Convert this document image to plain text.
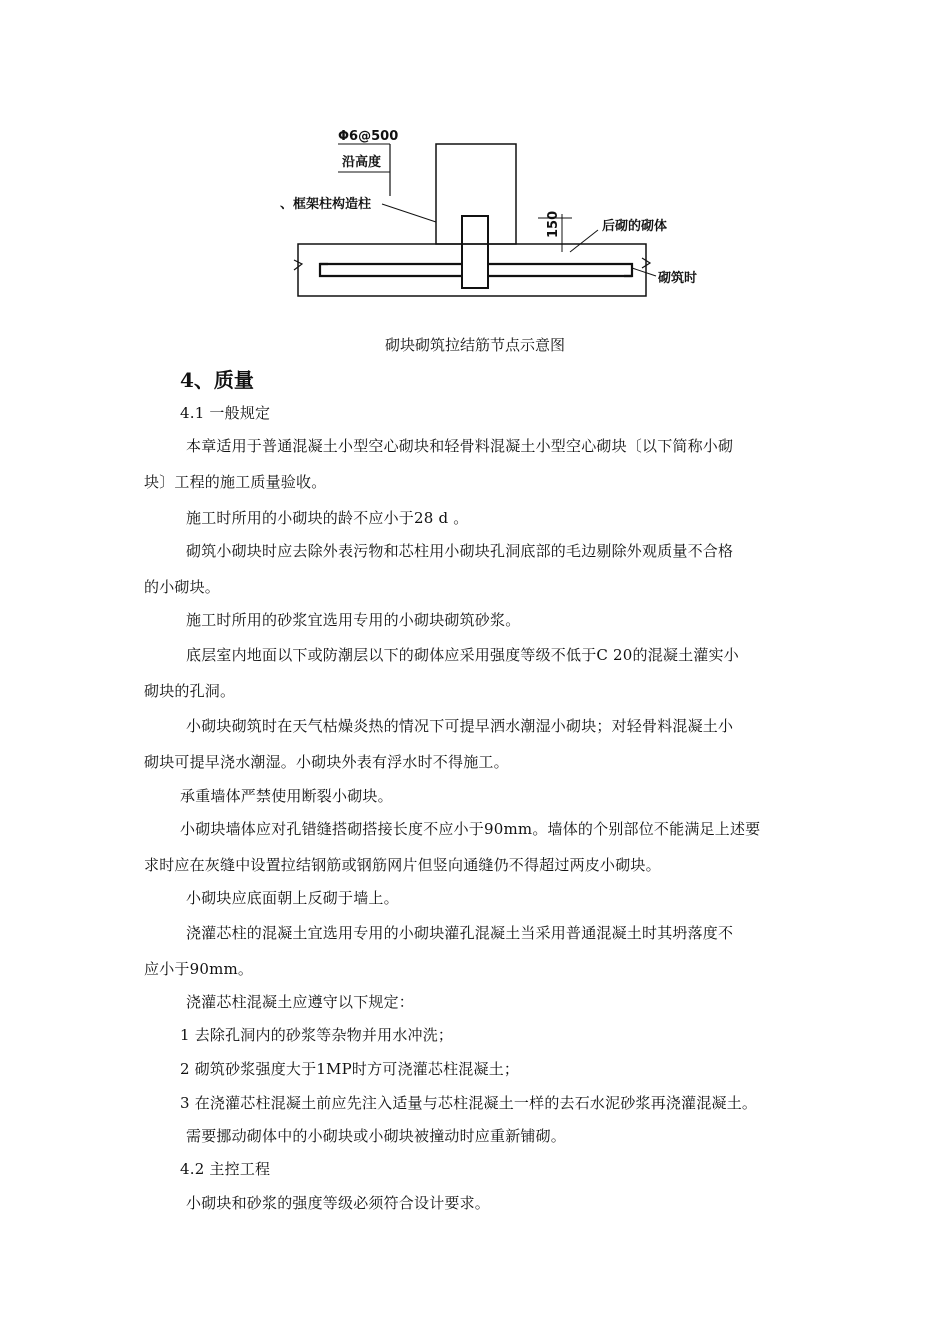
150
Φ6@500
沿高度
、框架柱构造柱
后砌的砌体
砌筑时
砌块砌筑拉结筋节点示意图
4、质量
4.1 一般规定
本章适用于普通混凝土小型空心砌块和轻骨料混凝土小型空心砌块〔以下简称小砌
块〕工程的施工质量验收。
施工时所用的小砌块的龄不应小于28 d 。
砌筑小砌块时应去除外表污物和芯柱用小砌块孔洞底部的毛边剔除外观质量不合格
的小砌块。
施工时所用的砂浆宜选用专用的小砌块砌筑砂浆。
底层室内地面以下或防潮层以下的砌体应采用强度等级不低于C 20的混凝土灌实小
砌块的孔洞。
小砌块砌筑时在天气枯燥炎热的情况下可提早洒水潮湿小砌块；对轻骨料混凝土小
砌块可提早浇水潮湿。小砌块外表有浮水时不得施工。
承重墙体严禁使用断裂小砌块。
小砌块墙体应对孔错缝搭砌搭接长度不应小于90mm。墙体的个别部位不能满足上述要
求时应在灰缝中设置拉结钢筋或钢筋网片但竖向通缝仍不得超过两皮小砌块。
小砌块应底面朝上反砌于墙上。
浇灌芯柱的混凝土宜选用专用的小砌块灌孔混凝土当采用普通混凝土时其坍落度不
应小于90mm。
浇灌芯柱混凝土应遵守以下规定：
1 去除孔洞内的砂浆等杂物并用水冲洗；
2 砌筑砂浆强度大于1MP时方可浇灌芯柱混凝土；
3 在浇灌芯柱混凝土前应先注入适量与芯柱混凝土一样的去石水泥砂浆再浇灌混凝土。
需要挪动砌体中的小砌块或小砌块被撞动时应重新铺砌。
4.2 主控工程
小砌块和砂浆的强度等级必须符合设计要求。
